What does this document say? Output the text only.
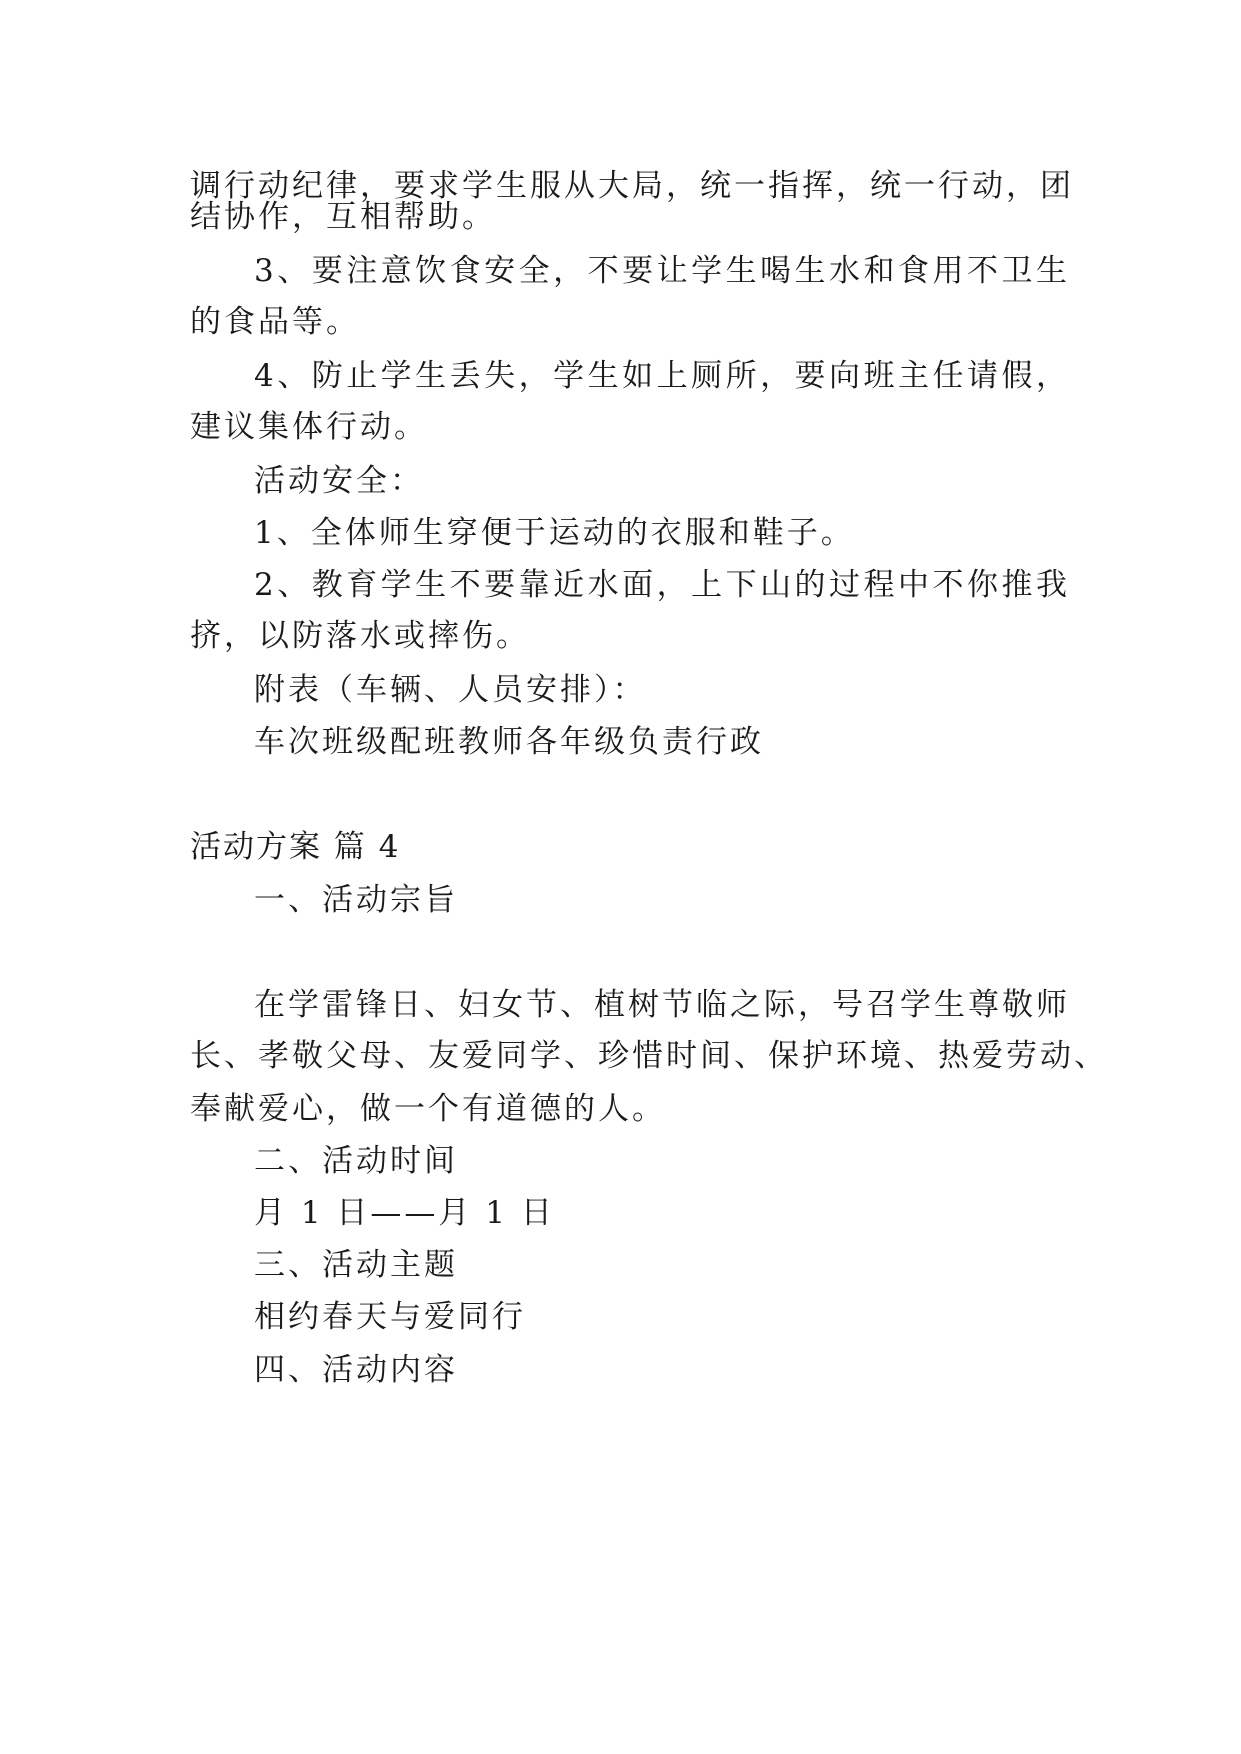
调行动纪律，要求学生服从大局，统一指挥，统一行动，团
结协作，互相帮助。
3、要注意饮食安全，不要让学生喝生水和食用不卫生
的食品等。
4、防止学生丢失，学生如上厕所，要向班主任请假，
建议集体行动。
活动安全：
1、全体师生穿便于运动的衣服和鞋子。
2、教育学生不要靠近水面，上下山的过程中不你推我
挤，以防落水或摔伤。
附表（车辆、人员安排）：
车次班级配班教师各年级负责行政
活动方案 篇 4
一、活动宗旨
在学雷锋日、妇女节、植树节临之际，号召学生尊敬师
长、孝敬父母、友爱同学、珍惜时间、保护环境、热爱劳动、
奉献爱心，做一个有道德的人。
二、活动时间
月 1 日——月 1 日
三、活动主题
相约春天与爱同行
四、活动内容
